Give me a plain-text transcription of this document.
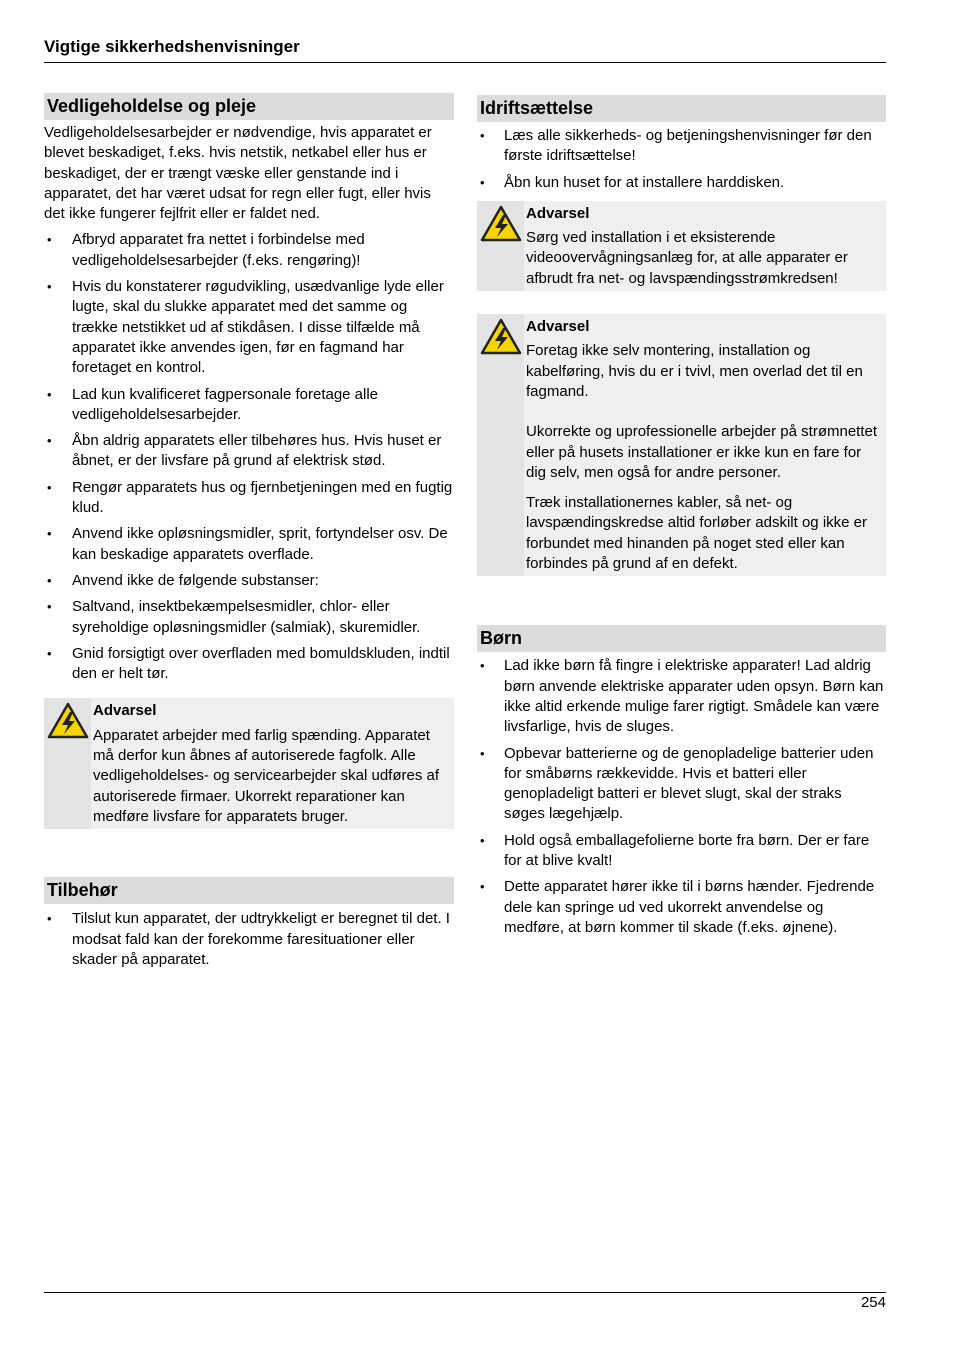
Vigtige sikkerhedshenvisninger
Vedligeholdelse og pleje

Vedligeholdelsesarbejder er nødvendige, hvis apparatet er blevet beskadiget, f.eks. hvis netstik, netkabel eller hus er beskadiget, der er trængt væske eller genstande ind i apparatet, det har været udsat for regn eller fugt, eller hvis det ikke fungerer fejlfrit eller er faldet ned.

• Afbryd apparatet fra nettet i forbindelse med vedligeholdelsesarbejder (f.eks. rengøring)!
• Hvis du konstaterer røgudvikling, usædvanlige lyde eller lugte, skal du slukke apparatet med det samme og trække netstikket ud af stikdåsen. I disse tilfælde må apparatet ikke anvendes igen, før en fagmand har foretaget en kontrol.
• Lad kun kvalificeret fagpersonale foretage alle vedligeholdelsesarbejder.
• Åbn aldrig apparatets eller tilbehøres hus. Hvis huset er åbnet, er der livsfare på grund af elektrisk stød.
• Rengør apparatets hus og fjernbetjeningen med en fugtig klud.
• Anvend ikke opløsningsmidler, sprit, fortyndelser osv. De kan beskadige apparatets overflade.
• Anvend ikke de følgende substanser:
• Saltvand, insektbekæmpelsesmidler, chlor- eller syreholdige opløsningsmidler (salmiak), skuremidler.
• Gnid forsigtigt over overfladen med bomuldskluden, indtil den er helt tør.
Advarsel

Apparatet arbejder med farlig spænding. Apparatet må derfor kun åbnes af autoriserede fagfolk. Alle vedligeholdelses- og servicearbejder skal udføres af autoriserede firmaer. Ukorrekt reparationer kan medføre livsfare for apparatets bruger.

Tilbehør
• Tilslut kun apparatet, der udtrykkeligt er beregnet til det. I modsat fald kan der forekomme faresituationer eller skader på apparatet.
Idriftsættelse
• Læs alle sikkerheds- og betjeningshenvisninger før den første idriftsættelse!
• Åbn kun huset for at installere harddisken.
Advarsel

Sørg ved installation i et eksisterende videoovervågningsanlæg for, at alle apparater er afbrudt fra net- og lavspændingsstrømkredsen!

Advarsel

Foretag ikke selv montering, installation og kabelføring, hvis du er i tvivl, men overlad det til en fagmand.

Ukorrekte og uprofessionelle arbejder på strømnettet eller på husets installationer er ikke kun en fare for dig selv, men også for andre personer.

Træk installationernes kabler, så net- og lavspændingskredse altid forløber adskilt og ikke er forbundet med hinanden på noget sted eller kan forbindes på grund af en defekt.

Børn
• Lad ikke børn få fingre i elektriske apparater! Lad aldrig børn anvende elektriske apparater uden opsyn. Børn kan ikke altid erkende mulige farer rigtigt. Smådele kan være livsfarlige, hvis de sluges.
• Opbevar batterierne og de genopladelige batterier uden for småbørns rækkevidde. Hvis et batteri eller genopladeligt batteri er blevet slugt, skal der straks søges lægehjælp.
• Hold også emballagefolierne borte fra børn. Der er fare for at blive kvalt!
• Dette apparatet hører ikke til i børns hænder. Fjedrende dele kan springe ud ved ukorrekt anvendelse og medføre, at børn kommer til skade (f.eks. øjnene).
254
